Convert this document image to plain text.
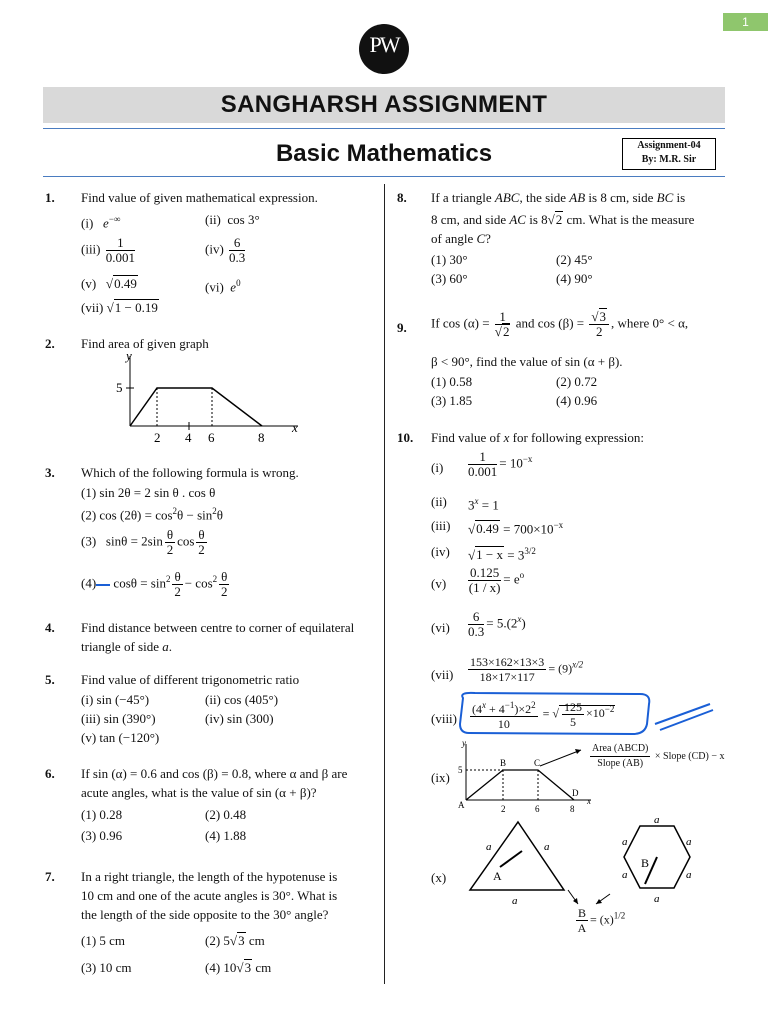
1
PW
SANGHARSH ASSIGNMENT
Basic Mathematics	Assignment-04
By: M.R. Sir
1. Find value of given mathematical expression.
(i) e−∞	(ii) cos 3°
$(iii) \frac{1}{0.001}$	$(iv) \frac{6}{0.3}$
(v)   √0.49	(vi) $e^0$
(vii) √1 − 0.19
2. Find area of given graph
y
x
5
2 4 6	8
3. Which of the following formula is wrong.
(1) sin 2θ = 2 sin θ . cos θ
(2) $\cos (2\theta) = \cos^2\theta - \sin^2\theta$
(3) $\sin\theta = 2\sin \frac{\theta}{2}$ $\cos \frac{\theta}{2}$
(4) $\cos\theta = \sin^2 \frac{\theta}{2} - \cos^2 \frac{\theta}{2}$
4. Find distance between centre to corner of equilateral
triangle of side a.
5. Find value of different trigonometric ratio
(i) sin (−45°)	(ii) cos (405°)
(iii) sin (390°)	(iv) sin (300)
(v) tan (−120°)
6. If sin (α) = 0.6 and cos (β) = 0.8, where α and β are
acute angles, what is the value of sin (α + β)?
(1) 0.28	(2) 0.48
(3) 0.96	(4) 1.88
7. In a right triangle, the length of the hypotenuse is
10 cm and one of the acute angles is 30°. What is
the length of the side opposite to the 30° angle?
(1) 5 cm	(2) 5√3 cm
(3) 10 cm	(4) 10√3 cm
8. If a triangle ABC, the side AB is 8 cm, side BC is
8 cm, and side AC is 8√2 cm. What is the measure
of angle C?
(1) 30°	(2) 45°
(3) 60°	(4) 90°
9. If $\cos (\alpha) = \frac{1}{√2}$ and $\cos (\beta) = \frac{√3}{2}$ , where 0° < α,
β < 90°, find the value of sin (α + β).
(1) 0.58	(2) 0.72
(3) 1.85	(4) 0.96
10. Find value of x for following expression:
$(i) \frac{1}{0.001} = 10^{-x}$
(ii) $3^x = 1$
(iii) $√0.49 = 700\times 10^{-x}$
(iv) $√1 - x = 3^{3/2}$
$(v) \frac{0.125}{(1 / x)} = e^o$
$(vi) \frac{6}{0.3} = 5.(2^x)$
$(vii) \frac{153\times 162\times 13\times 3}{18\times 17\times 117} = (9)^{x/2}$
(viii) $\frac{(4^x + 4^{-1})\times 2^2}{10}$ = √ $\frac{125}{5} \times 10^{-2}$
(ix)
y
x
A
B	C
D
5
2	6	8
$\frac{\text{Area (ABCD)}}{\text{Slope (AB)}}$ × Slope (CD) − x
(x)
a	a
a
A
B
a
a	a
a	a
a
$\frac{B}{A} = (x)^{1/2}$
